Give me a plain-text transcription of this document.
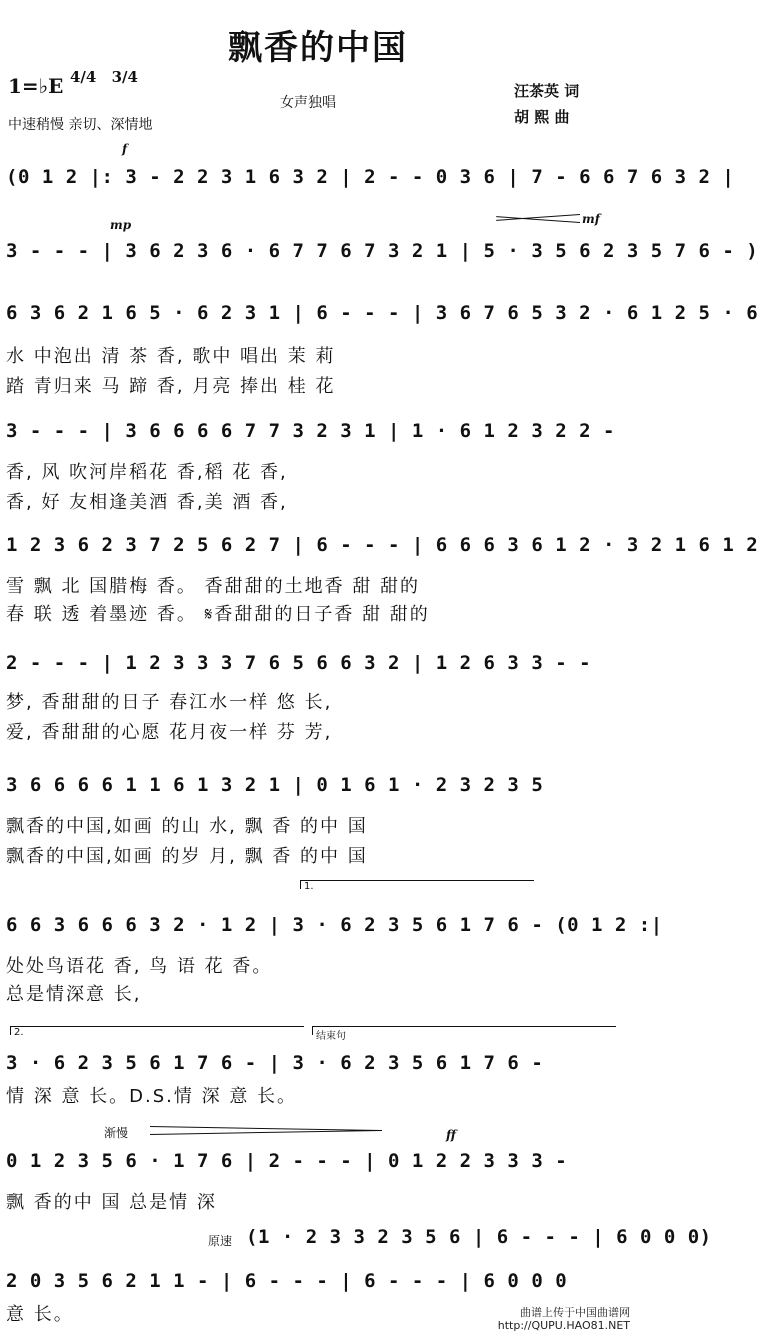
飘香的中国
1=♭E 4/4 3/4
女声独唱
中速稍慢 亲切、深情地
汪茶英 词
胡 熙 曲
f
(0 1 2 |: 3 - 2 2 3 1 6 3 2 | 2 - - 0 3 6 | 7 - 6 6 7 6 3 2 |
mp	mf
3 - - - | 3 6 2 3 6 · 6 7 7 6 7 3 2 1 | 5 · 3 5 6 2 3 5 7 6 - )
6 3 6 2 1 6 5 · 6 2 3 1 | 6 - - - | 3 6 7 6 5 3 2 · 6 1 2 5 · 6
水 中泡出 清 茶 香, 歌中 唱出 茉 莉
踏 青归来 马 蹄 香, 月亮 捧出 桂 花
3 - - - | 3 6 6 6 6 7 7 3 2 3 1 | 1 · 6 1 2 3 2 2 -
香, 风 吹河岸稻花 香,稻 花 香,
香, 好 友相逢美酒 香,美 酒 香,
1 2 3 6 2 3 7 2 5 6 2 7 | 6 - - - | 6 6 6 3 6 1 2 · 3 2 1 6 1 2
雪 飘 北 国腊梅 香。 香甜甜的土地香 甜 甜的
春 联 透 着墨迹 香。 𝄋香甜甜的日子香 甜 甜的
2 - - - | 1 2 3 3 3 7 6 5 6 6 3 2 | 1 2 6 3 3 - -
梦, 香甜甜的日子 春江水一样 悠 长,
爱, 香甜甜的心愿 花月夜一样 芬 芳,
3 6 6 6 6 1 1 6 1 3 2 1 | 0 1 6 1 · 2 3 2 3 5
飘香的中国,如画 的山 水, 飘 香 的中 国
飘香的中国,如画 的岁 月, 飘 香 的中 国
1.
6 6 3 6 6 6 3 2 · 1 2 | 3 · 6 2 3 5 6 1 7 6 - (0 1 2 :|
处处鸟语花 香, 鸟 语 花 香。
总是情深意 长,
2.	结束句
3 · 6 2 3 5 6 1 7 6 - | 3 · 6 2 3 5 6 1 7 6 -
情 深 意 长。D.S.情 深 意 长。
渐慢	ff
0 1 2 3 5 6 · 1 7 6 | 2 - - - | 0 1 2 2 3 3 3 -
飘 香的中 国 总是情 深
原速 (1 · 2 3 3 2 3 5 6 | 6 - - - | 6 0 0 0)
2 0 3 5 6 2 1 1 - | 6 - - - | 6 - - - | 6 0 0 0
意 长。	曲谱上传于中国曲谱网
http://QUPU.HAO81.NET
